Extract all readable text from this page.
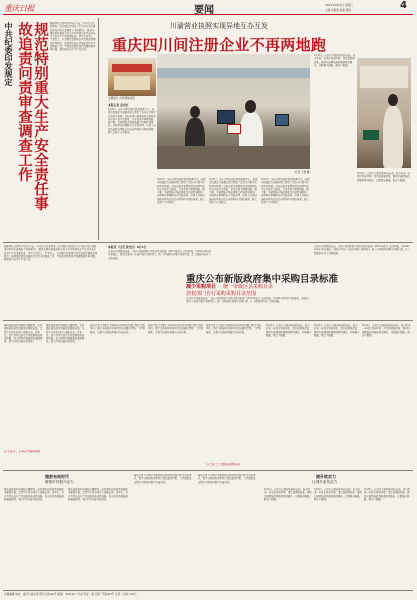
重庆日报	要闻	2021年8月4日 星期三
主编 刘春楚 美编 黄晓	4
中共纪委印发规定	规范特别重大生产安全责任事故追责问责审查调查工作	据新华社北京8月3日电 日前，中共中央纪委印发《关于规范特别重大生产安全责任事故追责问责审查调查工作的规定》，要求各级纪检监察机关深入学习贯彻习近平总书记关于安全生产的重要论述，坚持人民至上、生命至上，认真履行监督执纪问责和监督调查处置职责，依规依纪依法开展追责问责审查调查工作，严肃查处事故背后的腐败和作风问题，推动落实安全生产责任制。
川渝营业执照实现异地互办互发
重庆四川间注册企业不再两地跑
（记者 王翔 摄）
主题展示 市民领取执照
本报记者 黄光红
8月2日，重庆市两江新区政务服务中心，成都市民通过川渝通办窗口领取了在重庆注册企业的营业执照。这标志着川渝两地营业执照异地互办互发正式落地，企业办事不再两地跑。据了解，川渝两地市场监管部门打破区域限制，实现营业执照跨省市异地办理，申请人可就近选择办理地点提交申请材料并领取执照，极大方便了企业群众。
8月2日，重庆市两江新区政务服务中心，成都市民通过川渝通办窗口领取了在重庆注册企业的营业执照。这标志着川渝两地营业执照异地互办互发正式落地，企业办事不再两地跑。据了解，川渝两地市场监管部门打破区域限制，实现营业执照跨省市异地办理，申请人可就近选择办理地点提交申请材料并领取执照，极大方便了企业群众。
8月2日，重庆市两江新区政务服务中心，成都市民通过川渝通办窗口领取了在重庆注册企业的营业执照。这标志着川渝两地营业执照异地互办互发正式落地，企业办事不再两地跑。据了解，川渝两地市场监管部门打破区域限制，实现营业执照跨省市异地办理，申请人可就近选择办理地点提交申请材料并领取执照，极大方便了企业群众。
8月2日，重庆市两江新区政务服务中心，成都市民通过川渝通办窗口领取了在重庆注册企业的营业执照。这标志着川渝两地营业执照异地互办互发正式落地，企业办事不再两地跑。据了解，川渝两地市场监管部门打破区域限制，实现营业执照跨省市异地办理，申请人可就近选择办理地点提交申请材料并领取执照，极大方便了企业群众。
8月3日，记者从市政府新闻办获悉，我市将进一步优化营商环境，深化放管服改革，推动川渝两地政务服务事项通办，让数据多跑路，群众少跑腿。
8月3日，记者从市政府新闻办获悉，我市将进一步优化营商环境，深化放管服改革，推动川渝两地政务服务事项通办，让数据多跑路，群众少跑腿。
本报讯（记者 黄光红）8月3日
记者从市财政局获悉，《重庆市政府集中采购目录及标准（2021年版）》近日印发，自2021年9月1日起施行。新版目录进一步减少集中采购项目，统一市级和区县集中采购目录，扩大预算单位自主采购权限。
重庆公布新版政府集中采购目录标准
减少采购项目 统一市级区县采购目录
放权部门自行采购采购目录范围
记者从市财政局获悉，《重庆市政府集中采购目录及标准（2021年版）》近日印发，自2021年9月1日起施行。新版目录进一步减少集中采购项目，统一市级和区县集中采购目录，扩大预算单位自主采购权限。
记者从市财政局获悉，《重庆市政府集中采购目录及标准（2021年版）》近日印发，自2021年9月1日起施行。新版目录进一步减少集中采购项目，统一市级和区县集中采购目录，扩大预算单位自主采购权限。
据新华社北京8月3日电 日前，中共中央纪委印发《关于规范特别重大生产安全责任事故追责问责审查调查工作的规定》，要求各级纪检监察机关深入学习贯彻习近平总书记关于安全生产的重要论述，坚持人民至上、生命至上，认真履行监督执纪问责和监督调查处置职责，依规依纪依法开展追责问责审查调查工作，严肃查处事故背后的腐败和作风问题，推动落实安全生产责任制。
推动成渝地区双城经济圈建设，在西部形成高质量发展的重要增长极，是党中央作出的重大战略决策。近年来，重庆坚持以高水平开放推动高质量发展，深入推进西部陆海新通道建设，着力打造内陆开放高地。
推动成渝地区双城经济圈建设，在西部形成高质量发展的重要增长极，是党中央作出的重大战略决策。近年来，重庆坚持以高水平开放推动高质量发展，深入推进西部陆海新通道建设，着力打造内陆开放高地。
以上奋斗，打造开放新高地
新版目录分为集中采购机构采购项目和部门集中采购项目。集中采购机构采购项目包括通用货物、工程和服务，由集中采购机构组织实施采购。
新版目录分为集中采购机构采购项目和部门集中采购项目。集中采购机构采购项目包括通用货物、工程和服务，由集中采购机构组织实施采购。
新版目录分为集中采购机构采购项目和部门集中采购项目。集中采购机构采购项目包括通用货物、工程和服务，由集中采购机构组织实施采购。
以上是 大力推进采购活动
8月3日，记者从市政府新闻办获悉，我市将进一步优化营商环境，深化放管服改革，推动川渝两地政务服务事项通办，让数据多跑路，群众少跑腿。
8月3日，记者从市政府新闻办获悉，我市将进一步优化营商环境，深化放管服改革，推动川渝两地政务服务事项通办，让数据多跑路，群众少跑腿。
8月3日，记者从市政府新闻办获悉，我市将进一步优化营商环境，深化放管服改革，推动川渝两地政务服务事项通办，让数据多跑路，群众少跑腿。
提前布局时代
增强乡村振兴活力
推动成渝地区双城经济圈建设，在西部形成高质量发展的重要增长极，是党中央作出的重大战略决策。近年来，重庆坚持以高水平开放推动高质量发展，深入推进西部陆海新通道建设，着力打造内陆开放高地。
推动成渝地区双城经济圈建设，在西部形成高质量发展的重要增长极，是党中央作出的重大战略决策。近年来，重庆坚持以高水平开放推动高质量发展，深入推进西部陆海新通道建设，着力打造内陆开放高地。
新版目录分为集中采购机构采购项目和部门集中采购项目。集中采购机构采购项目包括通用货物、工程和服务，由集中采购机构组织实施采购。
新版目录分为集中采购机构采购项目和部门集中采购项目。集中采购机构采购项目包括通用货物、工程和服务，由集中采购机构组织实施采购。
提升软实力
让城乡更具活力
8月3日，记者从市政府新闻办获悉，我市将进一步优化营商环境，深化放管服改革，推动川渝两地政务服务事项通办，让数据多跑路，群众少跑腿。
8月3日，记者从市政府新闻办获悉，我市将进一步优化营商环境，深化放管服改革，推动川渝两地政务服务事项通办，让数据多跑路，群众少跑腿。
8月3日，记者从市政府新闻办获悉，我市将进一步优化营商环境，深化放管服改革，推动川渝两地政务服务事项通办，让数据多跑路，群众少跑腿。
文稿编辑 地址：重庆市渝北区同茂大道416号 邮编：401120 广告许可证：渝工商广字第001号 定价：每份1.50元
